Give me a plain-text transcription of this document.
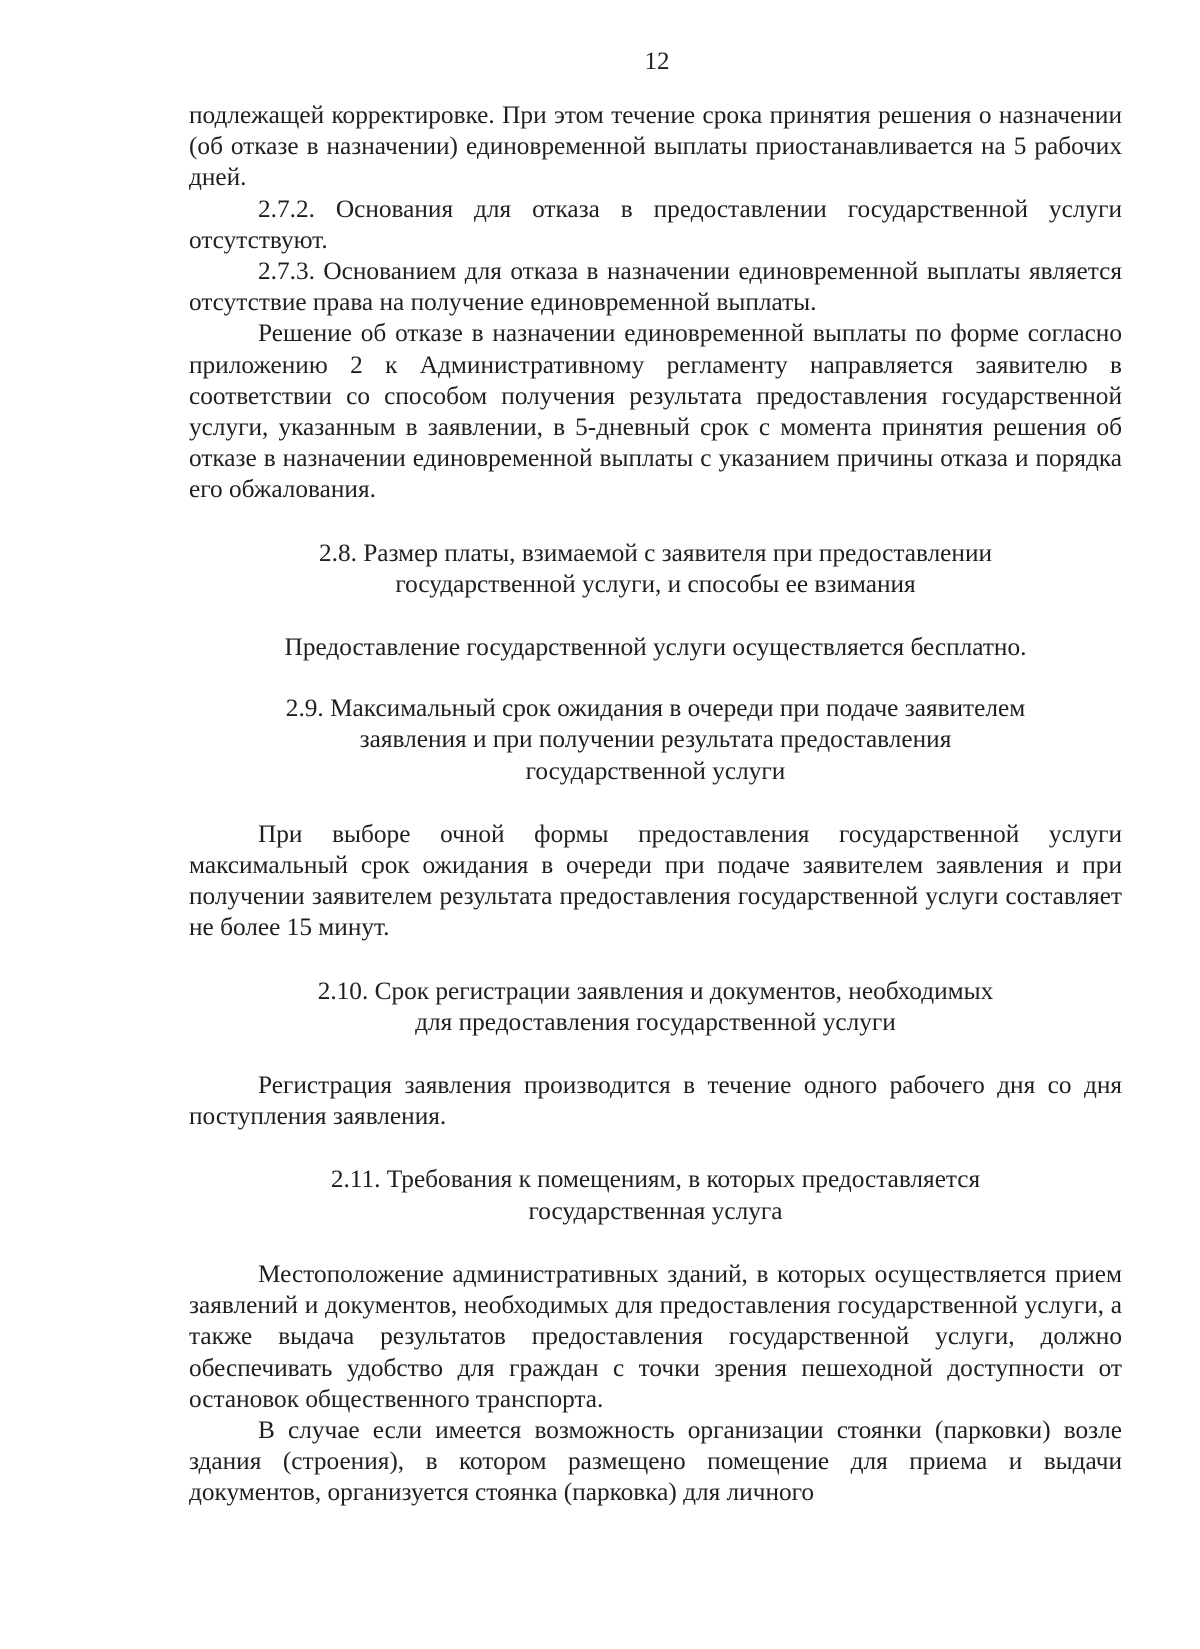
12

подлежащей корректировке. При этом течение срока принятия решения о назначении (об отказе в назначении) единовременной выплаты приостанавливается на 5 рабочих дней.

2.7.2. Основания для отказа в предоставлении государственной услуги отсутствуют.

2.7.3. Основанием для отказа в назначении единовременной выплаты является отсутствие права на получение единовременной выплаты.

Решение об отказе в назначении единовременной выплаты по форме согласно приложению 2 к Административному регламенту направляется заявителю в соответствии со способом получения результата предоставления государственной услуги, указанным в заявлении, в 5-дневный срок с момента принятия решения об отказе в назначении единовременной выплаты с указанием причины отказа и порядка его обжалования.

2.8. Размер платы, взимаемой с заявителя при предоставлении

государственной услуги, и способы ее взимания

Предоставление государственной услуги осуществляется бесплатно.

2.9. Максимальный срок ожидания в очереди при подаче заявителем

заявления и при получении результата предоставления

государственной услуги

При выборе очной формы предоставления государственной услуги максимальный срок ожидания в очереди при подаче заявителем заявления и при получении заявителем результата предоставления государственной услуги составляет не более 15 минут.

2.10. Срок регистрации заявления и документов, необходимых

для предоставления государственной услуги

Регистрация заявления производится в течение одного рабочего дня со дня поступления заявления.

2.11. Требования к помещениям, в которых предоставляется

государственная услуга

Местоположение административных зданий, в которых осуществляется прием заявлений и документов, необходимых для предоставления государственной услуги, а также выдача результатов предоставления государственной услуги, должно обеспечивать удобство для граждан с точки зрения пешеходной доступности от остановок общественного транспорта.

В случае если имеется возможность организации стоянки (парковки) возле здания (строения), в котором размещено помещение для приема и выдачи документов, организуется стоянка (парковка) для личного
